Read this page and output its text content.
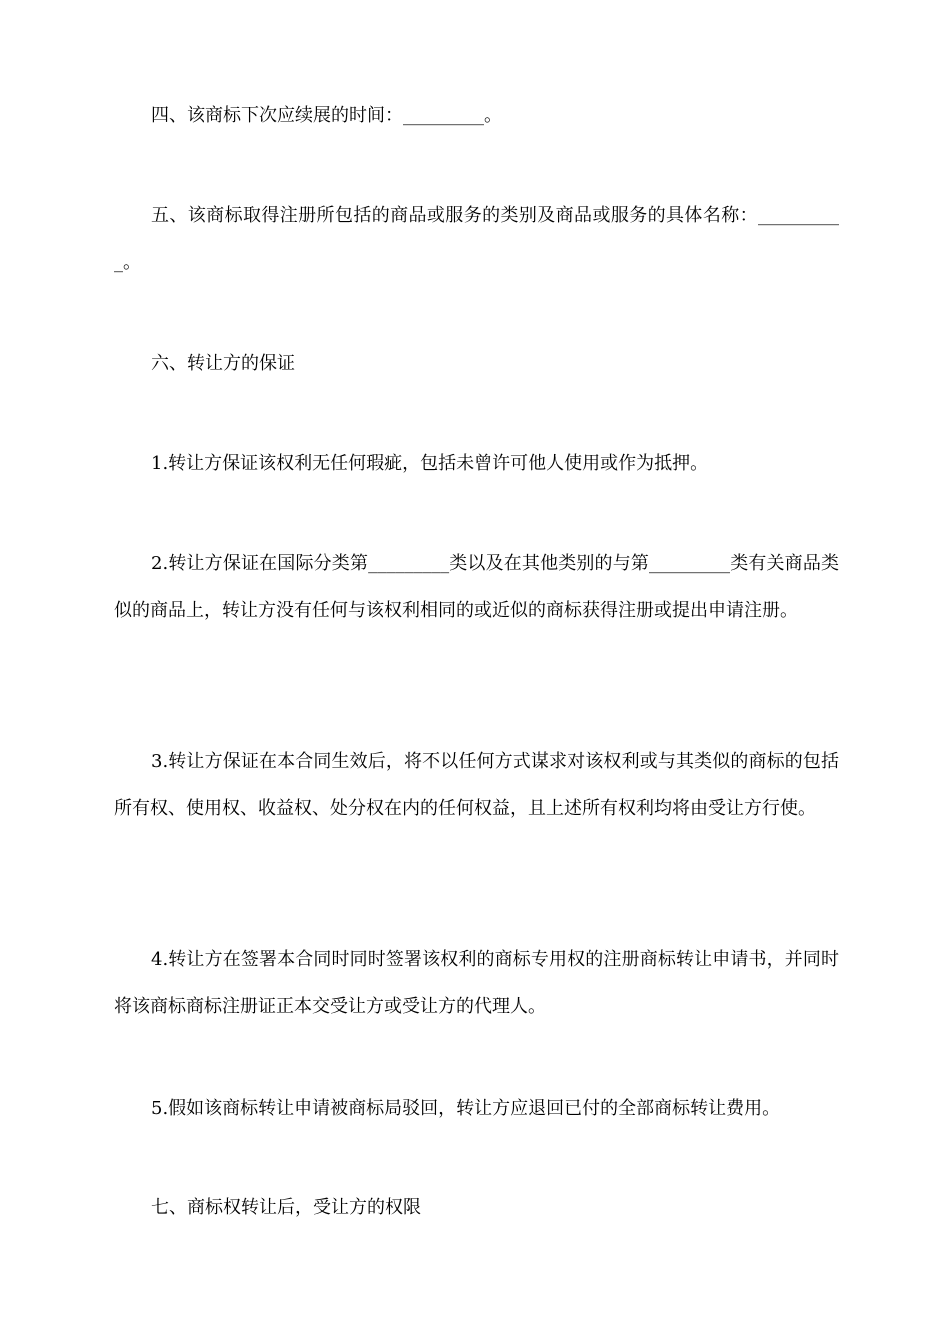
四、该商标下次应续展的时间：_________。

五、该商标取得注册所包括的商品或服务的类别及商品或服务的具体名称：__________。

六、转让方的保证

1.转让方保证该权利无任何瑕疵，包括未曾许可他人使用或作为抵押。

2.转让方保证在国际分类第_________类以及在其他类别的与第_________类有关商品类似的商品上，转让方没有任何与该权利相同的或近似的商标获得注册或提出申请注册。

3.转让方保证在本合同生效后，将不以任何方式谋求对该权利或与其类似的商标的包括所有权、使用权、收益权、处分权在内的任何权益，且上述所有权利均将由受让方行使。

4.转让方在签署本合同时同时签署该权利的商标专用权的注册商标转让申请书，并同时将该商标商标注册证正本交受让方或受让方的代理人。

5.假如该商标转让申请被商标局驳回，转让方应退回已付的全部商标转让费用。

七、商标权转让后，受让方的权限
